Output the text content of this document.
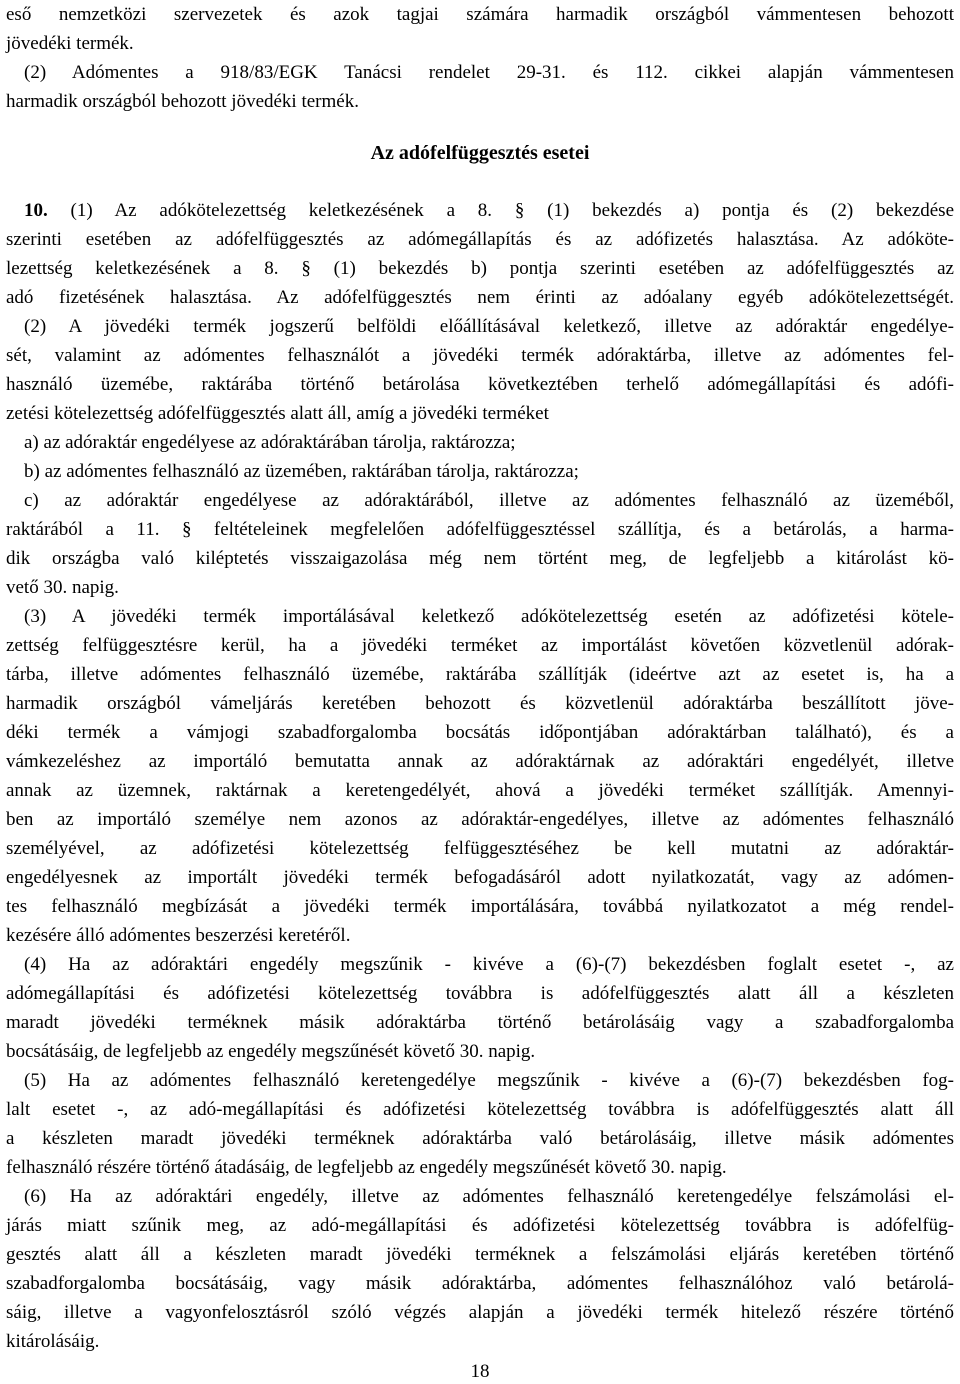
eső nemzetközi szervezetek és azok tagjai számára harmadik országból vámmentesen behozott
jövedéki termék.
(2) Adómentes a 918/83/EGK Tanácsi rendelet 29-31. és 112. cikkei alapján vámmentesen
harmadik országból behozott jövedéki termék.
Az adófelfüggesztés esetei
10. (1) Az adókötelezettség keletkezésének a 8. § (1) bekezdés a) pontja és (2) bekezdése
szerinti esetében az adófelfüggesztés az adómegállapítás és az adófizetés halasztása. Az adóköte-
lezettség keletkezésének a 8. § (1) bekezdés b) pontja szerinti esetében az adófelfüggesztés az
adó fizetésének halasztása. Az adófelfüggesztés nem érinti az adóalany egyéb adókötelezettségét.
(2) A jövedéki termék jogszerű belföldi előállításával keletkező, illetve az adóraktár engedélye-
sét, valamint az adómentes felhasználót a jövedéki termék adóraktárba, illetve az adómentes fel-
használó üzemébe, raktárába történő betárolása következtében terhelő adómegállapítási és adófi-
zetési kötelezettség adófelfüggesztés alatt áll, amíg a jövedéki terméket
a) az adóraktár engedélyese az adóraktárában tárolja, raktározza;
b) az adómentes felhasználó az üzemében, raktárában tárolja, raktározza;
c) az adóraktár engedélyese az adóraktárából, illetve az adómentes felhasználó az üzeméből,
raktárából a 11. § feltételeinek megfelelően adófelfüggesztéssel szállítja, és a betárolás, a harma-
dik országba való kiléptetés visszaigazolása még nem történt meg, de legfeljebb a kitárolást kö-
vető 30. napig.
(3) A jövedéki termék importálásával keletkező adókötelezettség esetén az adófizetési kötele-
zettség felfüggesztésre kerül, ha a jövedéki terméket az importálást követően közvetlenül adórak-
tárba, illetve adómentes felhasználó üzemébe, raktárába szállítják (ideértve azt az esetet is, ha a
harmadik országból vámeljárás keretében behozott és közvetlenül adóraktárba beszállított jöve-
déki termék a vámjogi szabadforgalomba bocsátás időpontjában adóraktárban található), és a
vámkezeléshez az importáló bemutatta annak az adóraktárnak az adóraktári engedélyét, illetve
annak az üzemnek, raktárnak a keretengedélyét, ahová a jövedéki terméket szállítják. Amennyi-
ben az importáló személye nem azonos az adóraktár-engedélyes, illetve az adómentes felhasználó
személyével, az adófizetési kötelezettség felfüggesztéséhez be kell mutatni az adóraktár-
engedélyesnek az importált jövedéki termék befogadásáról adott nyilatkozatát, vagy az adómen-
tes felhasználó megbízását a jövedéki termék importálására, továbbá nyilatkozatot a még rendel-
kezésére álló adómentes beszerzési keretéről.
(4) Ha az adóraktári engedély megszűnik - kivéve a (6)-(7) bekezdésben foglalt esetet -, az
adómegállapítási és adófizetési kötelezettség továbbra is adófelfüggesztés alatt áll a készleten
maradt jövedéki terméknek másik adóraktárba történő betárolásáig vagy a szabadforgalomba
bocsátásáig, de legfeljebb az engedély megszűnését követő 30. napig.
(5) Ha az adómentes felhasználó keretengedélye megszűnik - kivéve a (6)-(7) bekezdésben fog-
lalt esetet -, az adó-megállapítási és adófizetési kötelezettség továbbra is adófelfüggesztés alatt áll
a készleten maradt jövedéki terméknek adóraktárba való betárolásáig, illetve másik adómentes
felhasználó részére történő átadásáig, de legfeljebb az engedély megszűnését követő 30. napig.
(6) Ha az adóraktári engedély, illetve az adómentes felhasználó keretengedélye felszámolási el-
járás miatt szűnik meg, az adó-megállapítási és adófizetési kötelezettség továbbra is adófelfüg-
gesztés alatt áll a készleten maradt jövedéki terméknek a felszámolási eljárás keretében történő
szabadforgalomba bocsátásáig, vagy másik adóraktárba, adómentes felhasználóhoz való betárolá-
sáig, illetve a vagyonfelosztásról szóló végzés alapján a jövedéki termék hitelező részére történő
kitárolásáig.
18
